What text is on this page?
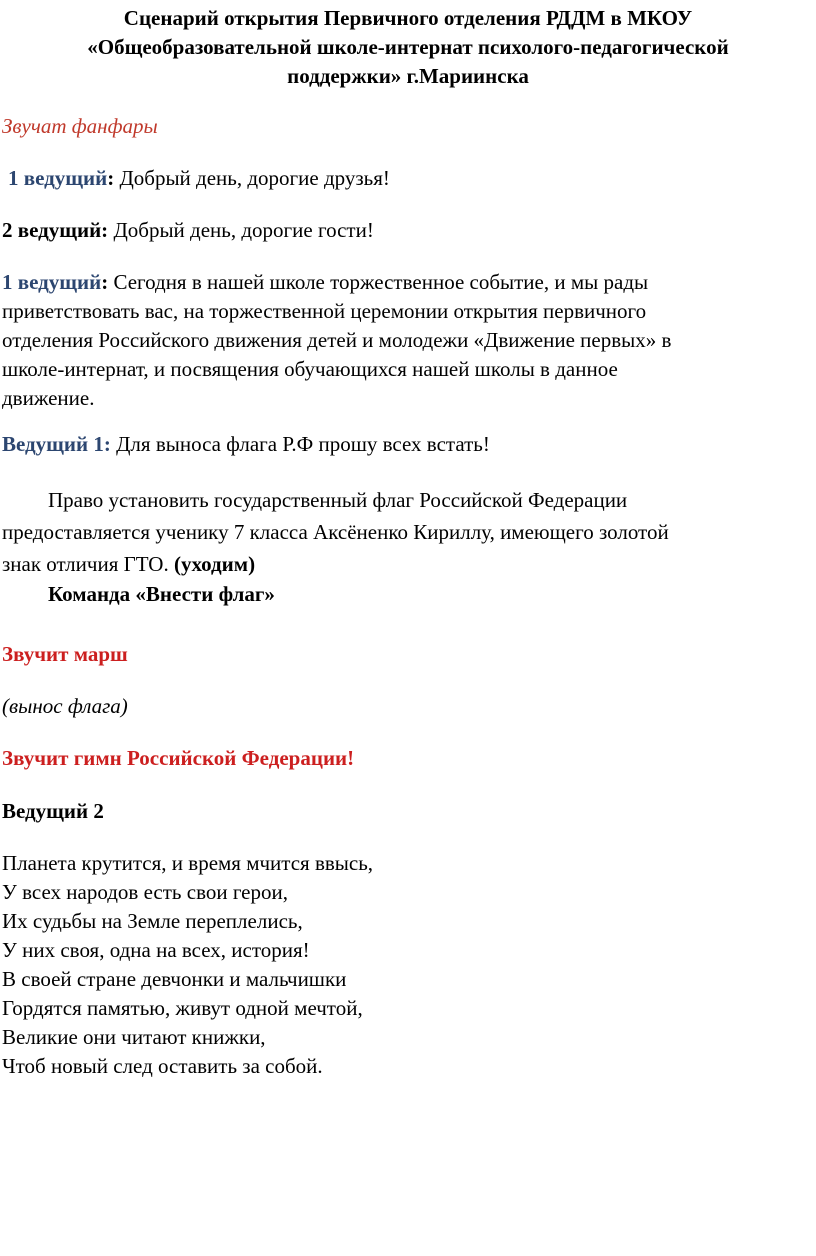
Сценарий открытия Первичного отделения РДДМ в МКОУ
«Общеобразовательной школе-интернат психолого-педагогической
поддержки» г.Мариинска

Звучат фанфары

1 ведущий: Добрый день, дорогие друзья!

2 ведущий: Добрый день, дорогие гости!

1 ведущий: Сегодня в нашей школе торжественное событие, и мы рады
приветствовать вас, на торжественной церемонии открытия первичного
отделения Российского движения детей и молодежи «Движение первых» в
школе-интернат, и посвящения обучающихся нашей школы в данное
движение.

Ведущий 1: Для выноса флага Р.Ф прошу всех встать!

Право установить государственный флаг Российской Федерации
предоставляется ученику 7 класса Аксёненко Кириллу, имеющего золотой
знак отличия ГТО. (уходим)
Команда «Внести флаг»

Звучит марш

(вынос флага)

Звучит гимн Российской Федерации!

Ведущий 2

Планета крутится, и время мчится ввысь,
У всех народов есть свои герои,
Их судьбы на Земле переплелись,
У них своя, одна на всех, история!
В своей стране девчонки и мальчишки
Гордятся памятью, живут одной мечтой,
Великие они читают книжки,
Чтоб новый след оставить за собой.
